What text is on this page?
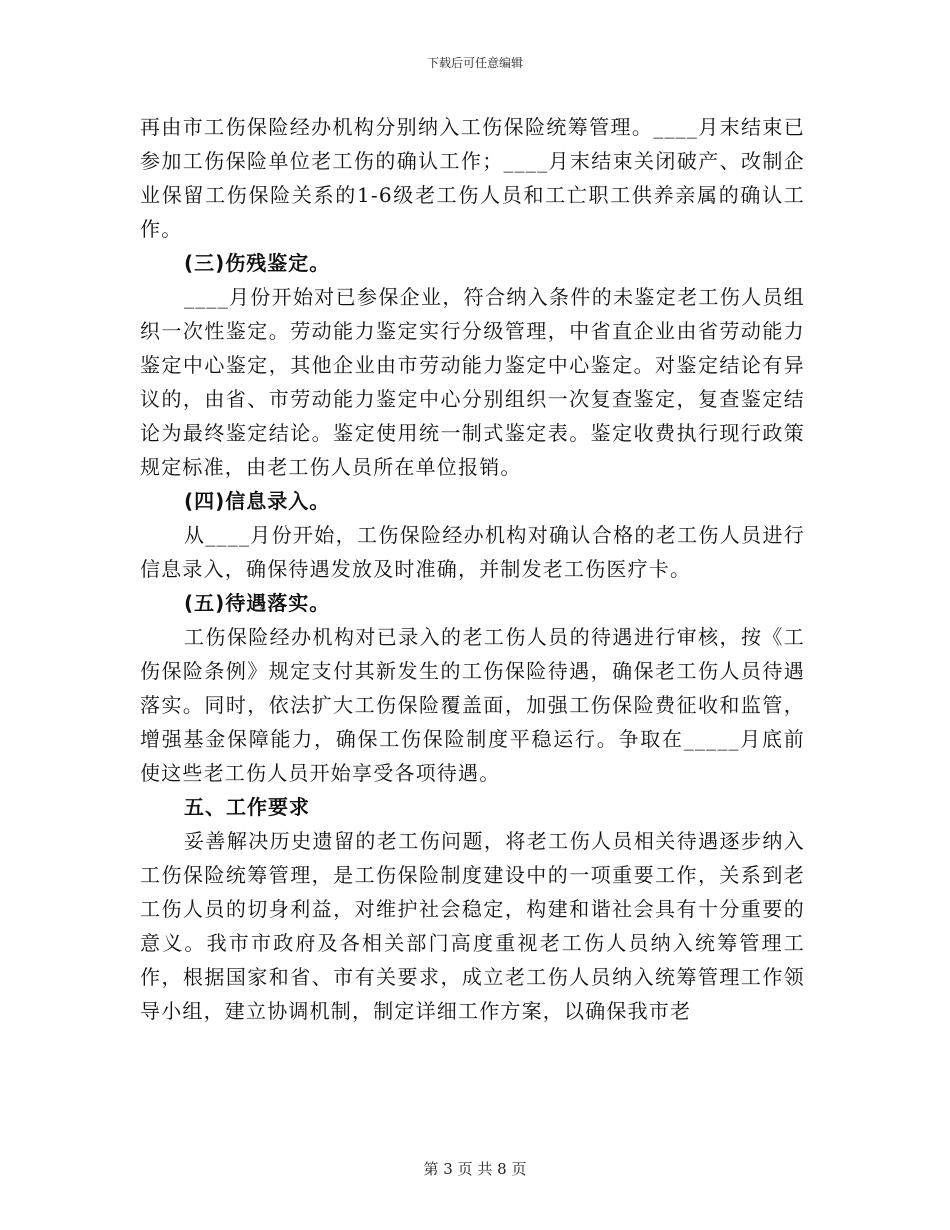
下载后可任意编辑

再由市工伤保险经办机构分别纳入工伤保险统筹管理。____月末结束已参加工伤保险单位老工伤的确认工作；____月末结束关闭破产、改制企业保留工伤保险关系的1-6级老工伤人员和工亡职工供养亲属的确认工作。

(三)伤残鉴定。

____月份开始对已参保企业，符合纳入条件的未鉴定老工伤人员组织一次性鉴定。劳动能力鉴定实行分级管理，中省直企业由省劳动能力鉴定中心鉴定，其他企业由市劳动能力鉴定中心鉴定。对鉴定结论有异议的，由省、市劳动能力鉴定中心分别组织一次复查鉴定，复查鉴定结论为最终鉴定结论。鉴定使用统一制式鉴定表。鉴定收费执行现行政策规定标准，由老工伤人员所在单位报销。

(四)信息录入。

从____月份开始，工伤保险经办机构对确认合格的老工伤人员进行信息录入，确保待遇发放及时准确，并制发老工伤医疗卡。

(五)待遇落实。

工伤保险经办机构对已录入的老工伤人员的待遇进行审核，按《工伤保险条例》规定支付其新发生的工伤保险待遇，确保老工伤人员待遇落实。同时，依法扩大工伤保险覆盖面，加强工伤保险费征收和监管，增强基金保障能力，确保工伤保险制度平稳运行。争取在_____月底前使这些老工伤人员开始享受各项待遇。

五、工作要求

妥善解决历史遗留的老工伤问题，将老工伤人员相关待遇逐步纳入工伤保险统筹管理，是工伤保险制度建设中的一项重要工作，关系到老工伤人员的切身利益，对维护社会稳定，构建和谐社会具有十分重要的意义。我市市政府及各相关部门高度重视老工伤人员纳入统筹管理工作，根据国家和省、市有关要求，成立老工伤人员纳入统筹管理工作领导小组，建立协调机制，制定详细工作方案，以确保我市老

第 3 页 共 8 页
